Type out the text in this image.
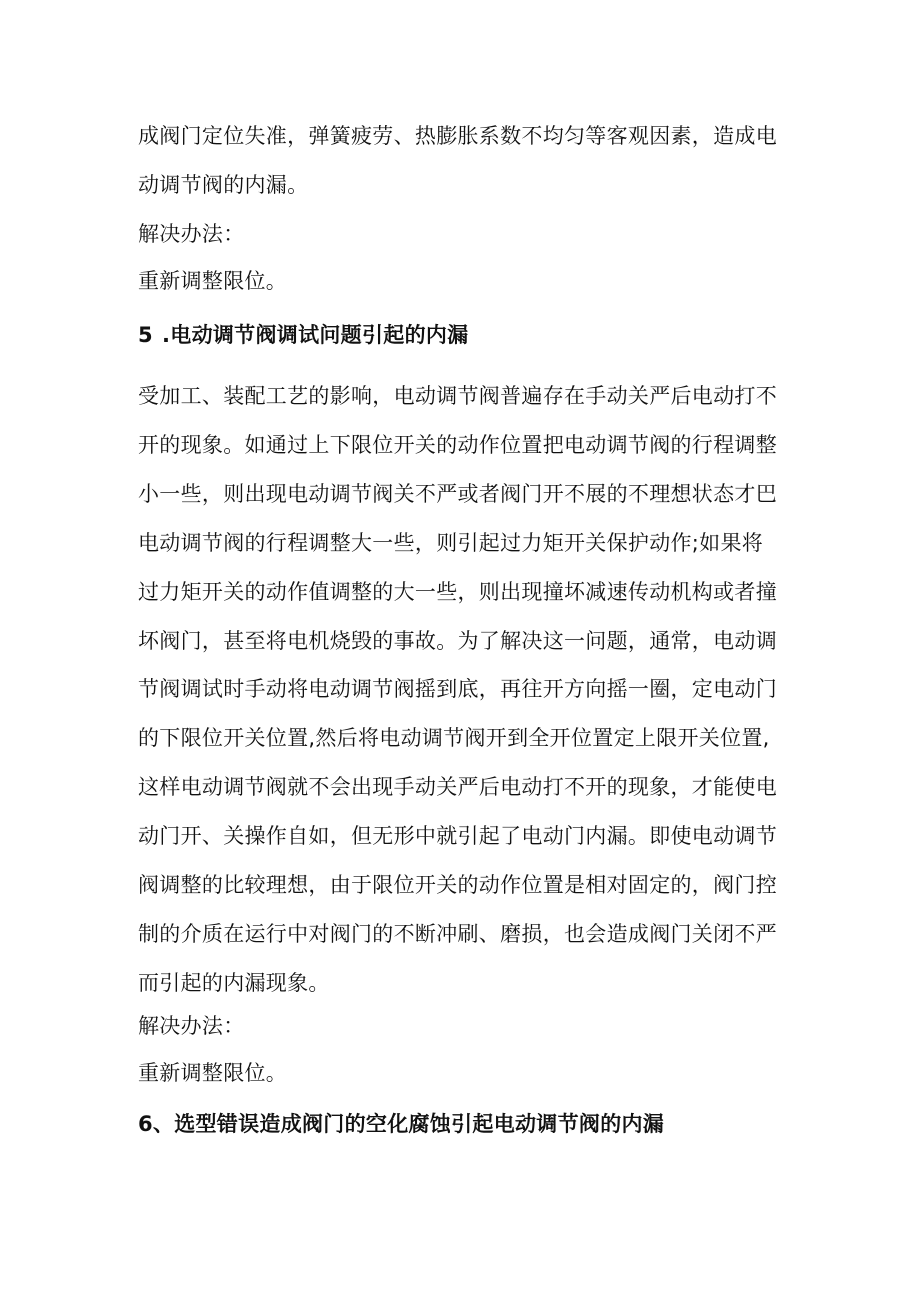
成阀门定位失准，弹簧疲劳、热膨胀系数不均匀等客观因素，造成电
动调节阀的内漏。

解决办法：

重新调整限位。

5 .电动调节阀调试问题引起的内漏
受加工、装配工艺的影响，电动调节阀普遍存在手动关严后电动打不
开的现象。如通过上下限位开关的动作位置把电动调节阀的行程调整
小一些，则出现电动调节阀关不严或者阀门开不展的不理想状态才巴
电动调节阀的行程调整大一些，则引起过力矩开关保护动作;如果将
过力矩开关的动作值调整的大一些，则出现撞坏减速传动机构或者撞
坏阀门，甚至将电机烧毁的事故。为了解决这一问题，通常，电动调
节阀调试时手动将电动调节阀摇到底，再往开方向摇一圈，定电动门
的下限位开关位置,然后将电动调节阀开到全开位置定上限开关位置,
这样电动调节阀就不会出现手动关严后电动打不开的现象，才能使电
动门开、关操作自如，但无形中就引起了电动门内漏。即使电动调节
阀调整的比较理想，由于限位开关的动作位置是相对固定的，阀门控
制的介质在运行中对阀门的不断冲刷、磨损，也会造成阀门关闭不严
而引起的内漏现象。

解决办法：

重新调整限位。

6、选型错误造成阀门的空化腐蚀引起电动调节阀的内漏
